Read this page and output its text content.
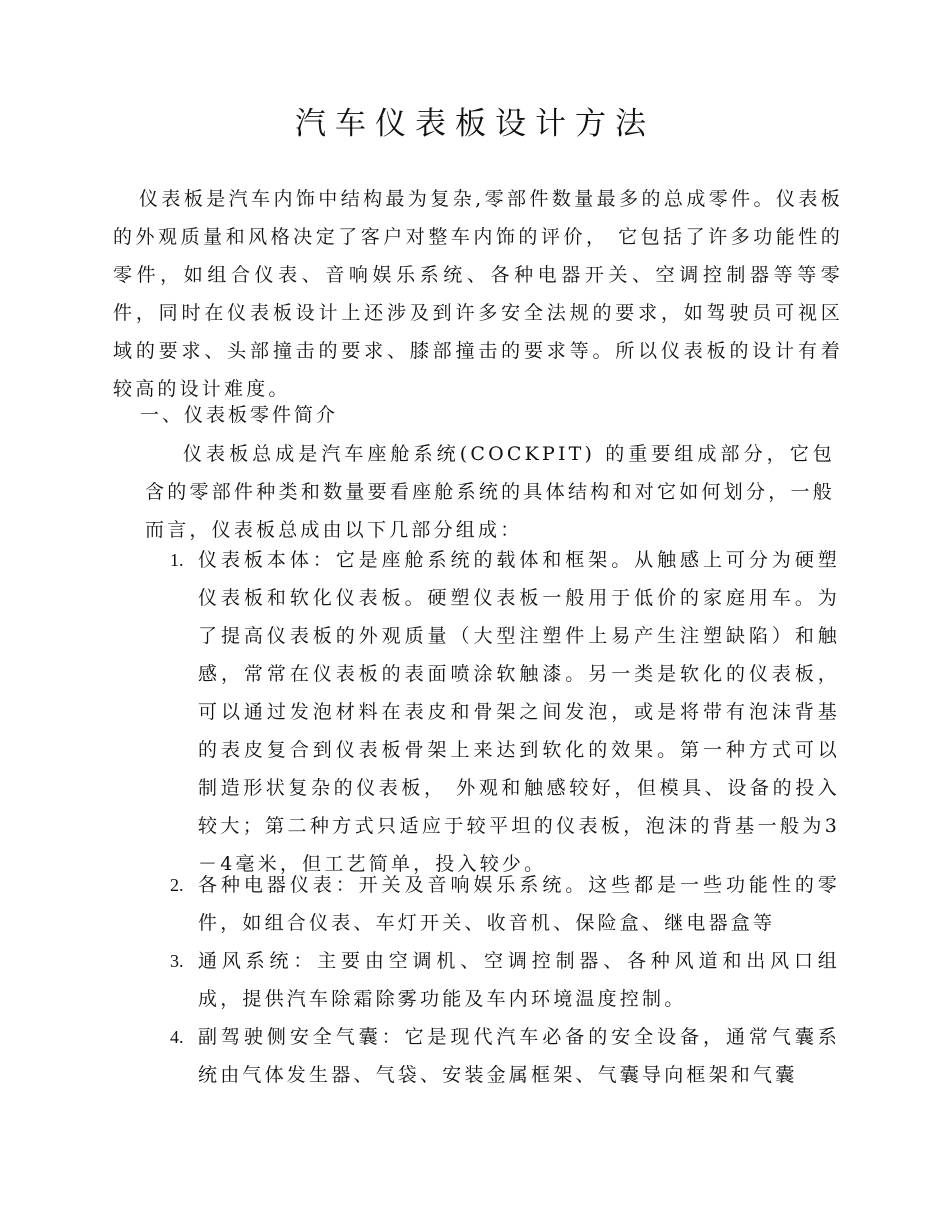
汽车仪表板设计方法

仪表板是汽车内饰中结构最为复杂,零部件数量最多的总成零件。仪表板的外观质量和风格决定了客户对整车内饰的评价， 它包括了许多功能性的零件，如组合仪表、音响娱乐系统、各种电器开关、空调控制器等等零件，同时在仪表板设计上还涉及到许多安全法规的要求，如驾驶员可视区域的要求、头部撞击的要求、膝部撞击的要求等。所以仪表板的设计有着较高的设计难度。

一、仪表板零件简介

仪表板总成是汽车座舱系统(COCKPIT) 的重要组成部分，它包含的零部件种类和数量要看座舱系统的具体结构和对它如何划分，一般而言，仪表板总成由以下几部分组成：

1. 仪表板本体：它是座舱系统的载体和框架。从触感上可分为硬塑仪表板和软化仪表板。硬塑仪表板一般用于低价的家庭用车。为了提高仪表板的外观质量（大型注塑件上易产生注塑缺陷）和触感，常常在仪表板的表面喷涂软触漆。另一类是软化的仪表板，可以通过发泡材料在表皮和骨架之间发泡，或是将带有泡沫背基的表皮复合到仪表板骨架上来达到软化的效果。第一种方式可以制造形状复杂的仪表板， 外观和触感较好，但模具、设备的投入较大；第二种方式只适应于较平坦的仪表板，泡沫的背基一般为3－4毫米，但工艺简单，投入较少。

2. 各种电器仪表：开关及音响娱乐系统。这些都是一些功能性的零件，如组合仪表、车灯开关、收音机、保险盒、继电器盒等

3. 通风系统：主要由空调机、空调控制器、各种风道和出风口组成，提供汽车除霜除雾功能及车内环境温度控制。

4. 副驾驶侧安全气囊：它是现代汽车必备的安全设备，通常气囊系统由气体发生器、气袋、安装金属框架、气囊导向框架和气囊
